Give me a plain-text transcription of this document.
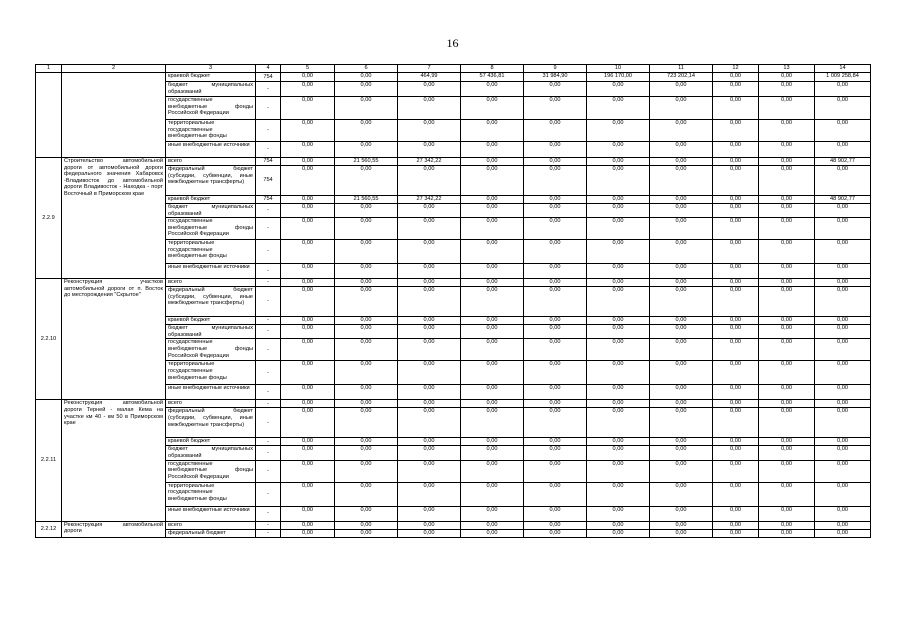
16
1	2	3	4	5	6	7	8	9	10	11	12	13	14
		краевой бюджет	754	0,00	0,00	464,99	57 436,81	31 984,90	196 170,00	723 202,14	0,00	0,00	1 009 258,84
		бюджет муниципальных образований	-	0,00	0,00	0,00	0,00	0,00	0,00	0,00	0,00	0,00	0,00
		государственные внебюджетные фонды Российской Федерации	-	0,00	0,00	0,00	0,00	0,00	0,00	0,00	0,00	0,00	0,00
		территориальные государственные внебюджетные фонды	-	0,00	0,00	0,00	0,00	0,00	0,00	0,00	0,00	0,00	0,00
		иные внебюджетные источники	-	0,00	0,00	0,00	0,00	0,00	0,00	0,00	0,00	0,00	0,00
2.2.9	Строительство автомобильной дороги от автомобильной дороги федерального значения Хабаровск -Владивосток до автомобильной дороги Владивосток - Находка - порт Восточный в Приморском крае	всего	754	0,00	21 560,55	27 342,22	0,00	0,00	0,00	0,00	0,00	0,00	48 902,77
		федеральный бюджет (субсидии, субвенции, иные межбюджетные трансферты)	754	0,00	0,00	0,00	0,00	0,00	0,00	0,00	0,00	0,00	0,00
		краевой бюджет	754	0,00	21 560,55	27 342,22	0,00	0,00	0,00	0,00	0,00	0,00	48 902,77
		бюджет муниципальных образований	-	0,00	0,00	0,00	0,00	0,00	0,00	0,00	0,00	0,00	0,00
		государственные внебюджетные фонды Российской Федерации	-	0,00	0,00	0,00	0,00	0,00	0,00	0,00	0,00	0,00	0,00
		территориальные государственные внебюджетные фонды	-	0,00	0,00	0,00	0,00	0,00	0,00	0,00	0,00	0,00	0,00
		иные внебюджетные источники	-	0,00	0,00	0,00	0,00	0,00	0,00	0,00	0,00	0,00	0,00
2.2.10	Реконструкция участков автомобильной дороги от п. Восток до месторождения "Скрытое"	всего	-	0,00	0,00	0,00	0,00	0,00	0,00	0,00	0,00	0,00	0,00
		федеральный бюджет (субсидии, субвенции, иные межбюджетные трансферты)	-	0,00	0,00	0,00	0,00	0,00	0,00	0,00	0,00	0,00	0,00
		краевой бюджет	-	0,00	0,00	0,00	0,00	0,00	0,00	0,00	0,00	0,00	0,00
		бюджет муниципальных образований	-	0,00	0,00	0,00	0,00	0,00	0,00	0,00	0,00	0,00	0,00
		государственные внебюджетные фонды Российской Федерации	-	0,00	0,00	0,00	0,00	0,00	0,00	0,00	0,00	0,00	0,00
		территориальные государственные внебюджетные фонды	-	0,00	0,00	0,00	0,00	0,00	0,00	0,00	0,00	0,00	0,00
		иные внебюджетные источники	-	0,00	0,00	0,00	0,00	0,00	0,00	0,00	0,00	0,00	0,00
2.2.11	Реконструкция автомобильной дороги Терней - малая Кема на участке км 40 - км 50 в Приморском крае	всего	-	0,00	0,00	0,00	0,00	0,00	0,00	0,00	0,00	0,00	0,00
		федеральный бюджет (субсидии, субвенции, иные межбюджетные трансферты)	-	0,00	0,00	0,00	0,00	0,00	0,00	0,00	0,00	0,00	0,00
		краевой бюджет	-	0,00	0,00	0,00	0,00	0,00	0,00	0,00	0,00	0,00	0,00
		бюджет муниципальных образований	-	0,00	0,00	0,00	0,00	0,00	0,00	0,00	0,00	0,00	0,00
		государственные внебюджетные фонды Российской Федерации	-	0,00	0,00	0,00	0,00	0,00	0,00	0,00	0,00	0,00	0,00
		территориальные государственные внебюджетные фонды	-	0,00	0,00	0,00	0,00	0,00	0,00	0,00	0,00	0,00	0,00
		иные внебюджетные источники	-	0,00	0,00	0,00	0,00	0,00	0,00	0,00	0,00	0,00	0,00
2.2.12	Реконструкция автомобильной дороги	всего	-	0,00	0,00	0,00	0,00	0,00	0,00	0,00	0,00	0,00	0,00
		федеральный бюджет	-	0,00	0,00	0,00	0,00	0,00	0,00	0,00	0,00	0,00	0,00
